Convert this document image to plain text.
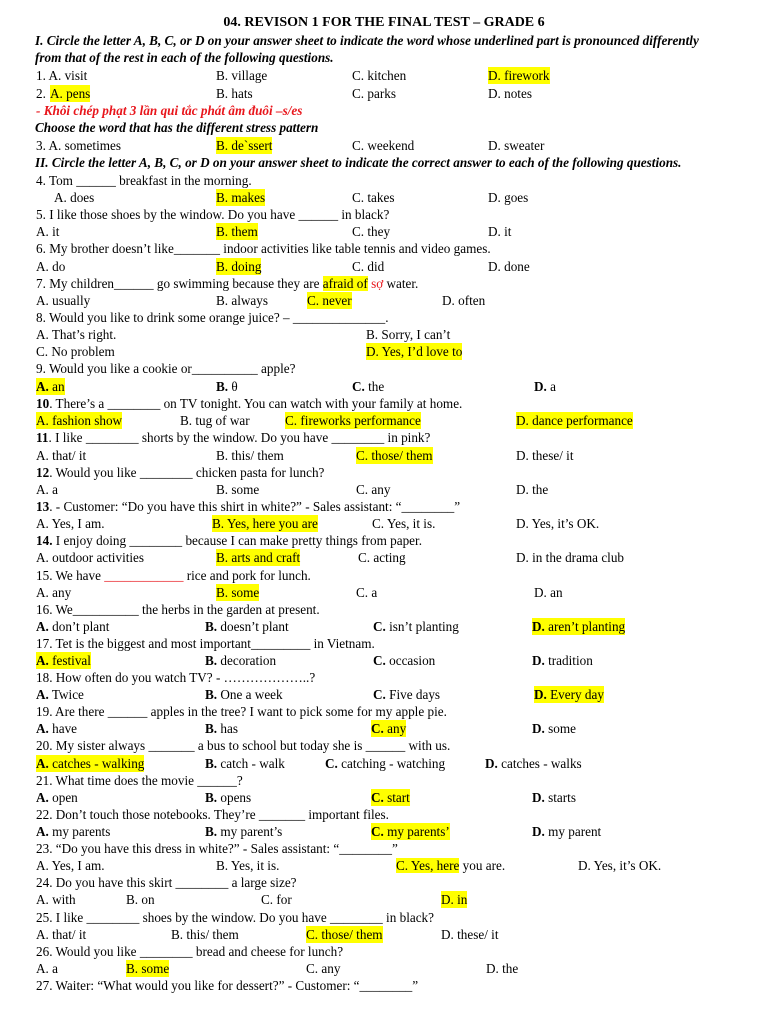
04. REVISON 1 FOR THE FINAL TEST – GRADE 6
I. Circle the letter A, B, C, or D on your answer sheet to indicate the word whose underlined part is pronounced differently
from that of the rest in each of the following questions.
1. A. visit	B. village	C. kitchen	D. firework
2. A. pens	B. hats	C. parks	D. notes
- Khôi chép phạt 3 lần qui tắc phát âm đuôi –s/es
Choose the word that has the different stress pattern
3. A. sometimes	B. de`ssert	C. weekend	D. sweater
II. Circle the letter A, B, C, or D on your answer sheet to indicate the correct answer to each of the following questions.
4. Tom ______ breakfast in the morning.
A. does	B. makes	C. takes	D. goes
5. I like those shoes by the window. Do you have ______ in black?
A. it	B. them	C. they	D. it
6. My brother doesn’t like_______ indoor activities like table tennis and video games.
A. do	B. doing	C. did	D. done
7. My children______ go swimming because they are afraid of sợ water.
A. usually	B. always	C. never	D. often
8. Would you like to drink some orange juice? – ______________.
A. That’s right.	B. Sorry, I can’t
C. No problem	D. Yes, I’d love to
9. Would you like a cookie or__________ apple?
A. an	B. θ	C. the	D. a
10. There’s a ________ on TV tonight. You can watch with your family at home.
A. fashion show	B. tug of war	C. fireworks performance	D. dance performance
11. I like ________ shorts by the window. Do you have ________ in pink?
A. that/ it	B. this/ them	C. those/ them	D. these/ it
12. Would you like ________ chicken pasta for lunch?
A. a	B. some	C. any	D. the
13. - Customer: “Do you have this shirt in white?” - Sales assistant: “________”
A. Yes, I am.	B. Yes, here you are	C. Yes, it is.	D. Yes, it’s OK.
14. I enjoy doing ________ because I can make pretty things from paper.
A. outdoor activities	B. arts and craft	C. acting	D. in the drama club
15. We have ____________ rice and pork for lunch.
A. any	B. some	C. a	D. an
16. We__________ the herbs in the garden at present.
A. don’t plant	B. doesn’t plant	C. isn’t planting	D. aren’t planting
17. Tet is the biggest and most important_________ in Vietnam.
A. festival	B. decoration	C. occasion	D. tradition
18. How often do you watch TV? - ………………..?
A. Twice	B. One a week	C. Five days	D. Every day
19. Are there ______ apples in the tree? I want to pick some for my apple pie.
A. have	B. has	C. any	D. some
20. My sister always _______ a bus to school but today she is ______ with us.
A. catches - walking	B. catch - walk	C. catching - watching	D. catches - walks
21. What time does the movie ______?
A. open	B. opens	C. start	D. starts
22. Don’t touch those notebooks. They’re _______ important files.
A. my parents	B. my parent’s	C. my parents’	D. my parent
23. “Do you have this dress in white?” - Sales assistant: “________”
A. Yes, I am.	B. Yes, it is.	C. Yes, here you are.	D. Yes, it’s OK.
24. Do you have this skirt ________ a large size?
A. with	B. on	C. for	D. in
25. I like ________ shoes by the window. Do you have ________ in black?
A. that/ it	B. this/ them	C. those/ them	D. these/ it
26. Would you like ________ bread and cheese for lunch?
A. a	B. some	C. any	D. the
27. Waiter: “What would you like for dessert?” - Customer: “________”
